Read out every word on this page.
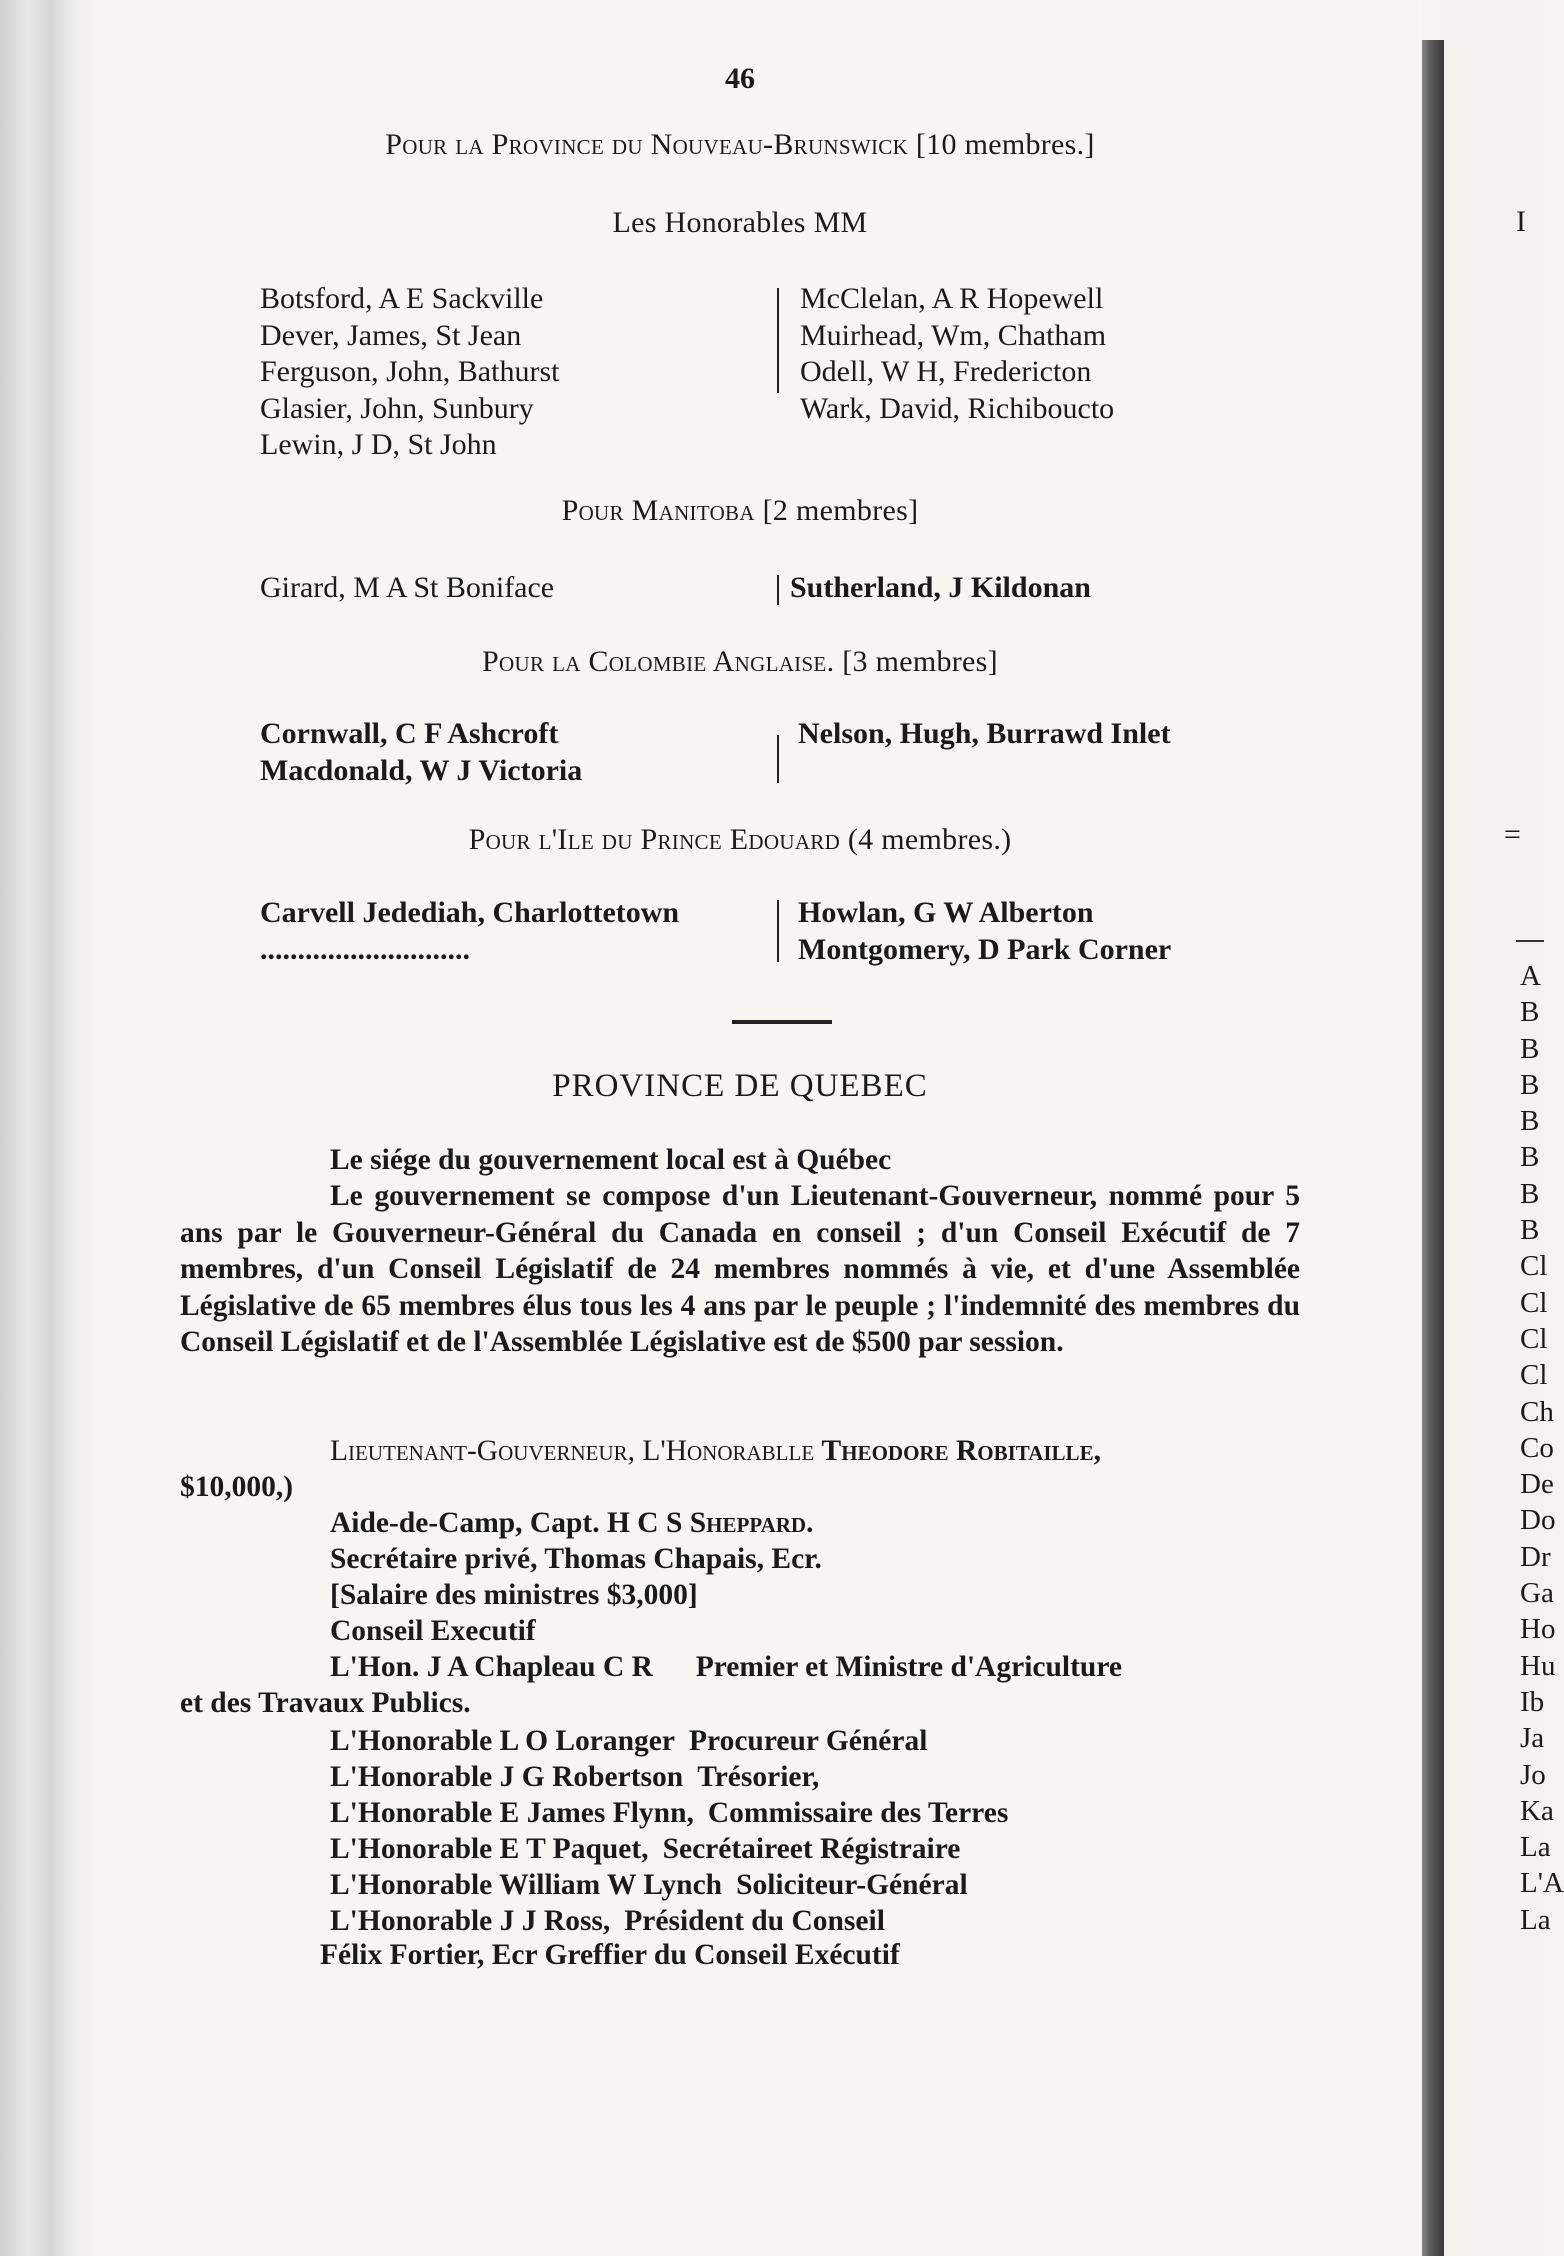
I
=
A
B
B
B
B
B
B
B
Cl
Cl
Cl
Cl
Ch
Co
De
Do
Dr
Ga
Ho
Hu
Ib
Ja
Jo
Ka
La
L'A
La
46
Pour la Province du Nouveau-Brunswick [10 membres.]
Les Honorables MM
Botsford, A E Sackville
Dever, James, St Jean
Ferguson, John, Bathurst
Glasier, John, Sunbury
Lewin, J D, St John
McClelan, A R Hopewell
Muirhead, Wm, Chatham
Odell, W H, Fredericton
Wark, David, Richibouctо
Pour Manitoba [2 membres]
Girard, M A St Boniface	Sutherland, J Kildonan
Pour la Colombie Anglaise. [3 membres]
Cornwall, C F Ashcroft
Macdonald, W J Victoria
Nelson, Hugh, Burrawd Inlet
Pour l'Ile du Prince Edouard (4 membres.)
Carvell Jedediah, Charlottetown
............................
Howlan, G W Alberton
Montgomery, D Park Corner
PROVINCE DE QUEBEC

Le siége du gouvernement local est à Québec

Le gouvernement se compose d'un Lieutenant-Gouverneur, nommé pour 5 ans par le Gouverneur-Général du Canada en conseil ; d'un Conseil Exécutif de 7 membres, d'un Conseil Législatif de 24 membres nommés à vie, et d'une Assemblée Législative de 65 membres élus tous les 4 ans par le peuple ; l'indemnité des membres du Conseil Législatif et de l'Assemblée Législative est de $500 par session.

Lieutenant-Gouverneur, L'Honorablle Theodore Robitaille,
$10,000,)
Aide-de-Camp, Capt. H C S Sheppard.
Secrétaire privé, Thomas Chapais, Ecr.
[Salaire des ministres $3,000]
Conseil Executif
L'Hon. J A Chapleau C R Premier et Ministre d'Agriculture
et des Travaux Publics.
L'Honorable L O Loranger Procureur Général
L'Honorable J G Robertson Trésorier,
L'Honorable E James Flynn, Commissaire des Terres
L'Honorable E T Paquet, Secrétaireet Régistraire
L'Honorable William W Lynch Soliciteur-Général
L'Honorable J J Ross, Président du Conseil
Félix Fortier, Ecr Greffier du Conseil Exécutif
